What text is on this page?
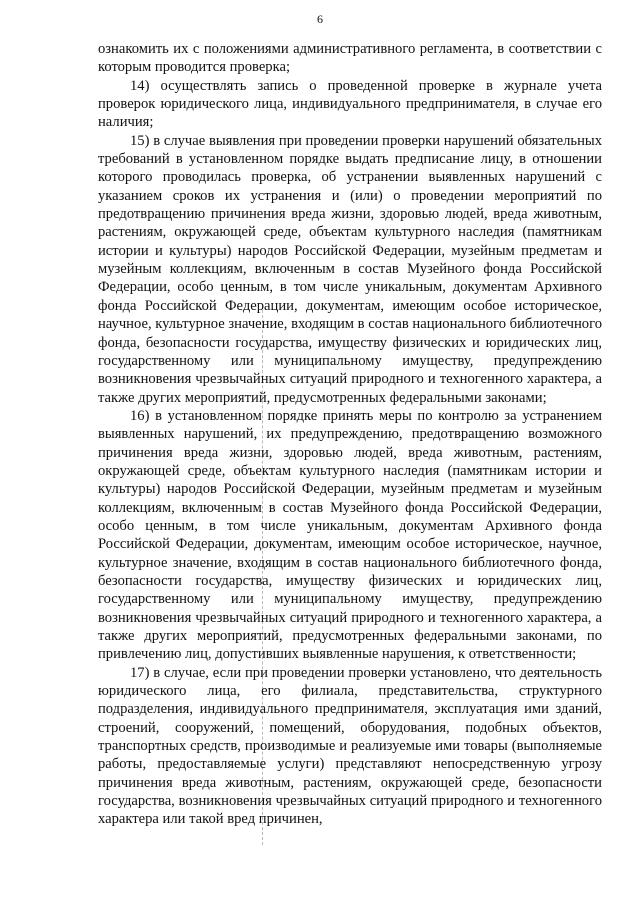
6

ознакомить их с положениями административного регламента, в соответствии с которым проводится проверка;

14) осуществлять запись о проведенной проверке в журнале учета проверок юридического лица, индивидуального предпринимателя, в случае его наличия;

15) в случае выявления при проведении проверки нарушений обязательных требований в установленном порядке выдать предписание лицу, в отношении которого проводилась проверка, об устранении выявленных нарушений с указанием сроков их устранения и (или) о проведении мероприятий по предотвращению причинения вреда жизни, здоровью людей, вреда животным, растениям, окружающей среде, объектам культурного наследия (памятникам истории и культуры) народов Российской Федерации, музейным предметам и музейным коллекциям, включенным в состав Музейного фонда Российской Федерации, особо ценным, в том числе уникальным, документам Архивного фонда Российской Федерации, документам, имеющим особое историческое, научное, культурное значение, входящим в состав национального библиотечного фонда, безопасности государства, имуществу физических и юридических лиц, государственному или муниципальному имуществу, предупреждению возникновения чрезвычайных ситуаций природного и техногенного характера, а также других мероприятий, предусмотренных федеральными законами;

16) в установленном порядке принять меры по контролю за устранением выявленных нарушений, их предупреждению, предотвращению возможного причинения вреда жизни, здоровью людей, вреда животным, растениям, окружающей среде, объектам культурного наследия (памятникам истории и культуры) народов Российской Федерации, музейным предметам и музейным коллекциям, включенным в состав Музейного фонда Российской Федерации, особо ценным, в том числе уникальным, документам Архивного фонда Российской Федерации, документам, имеющим особое историческое, научное, культурное значение, входящим в состав национального библиотечного фонда, безопасности государства, имуществу физических и юридических лиц, государственному или муниципальному имуществу, предупреждению возникновения чрезвычайных ситуаций природного и техногенного характера, а также других мероприятий, предусмотренных федеральными законами, по привлечению лиц, допустивших выявленные нарушения, к ответственности;

17) в случае, если при проведении проверки установлено, что деятельность юридического лица, его филиала, представительства, структурного подразделения, индивидуального предпринимателя, эксплуатация ими зданий, строений, сооружений, помещений, оборудования, подобных объектов, транспортных средств, производимые и реализуемые ими товары (выполняемые работы, предоставляемые услуги) представляют непосредственную угрозу причинения вреда животным, растениям, окружающей среде, безопасности государства, возникновения чрезвычайных ситуаций природного и техногенного характера или такой вред причинен,
